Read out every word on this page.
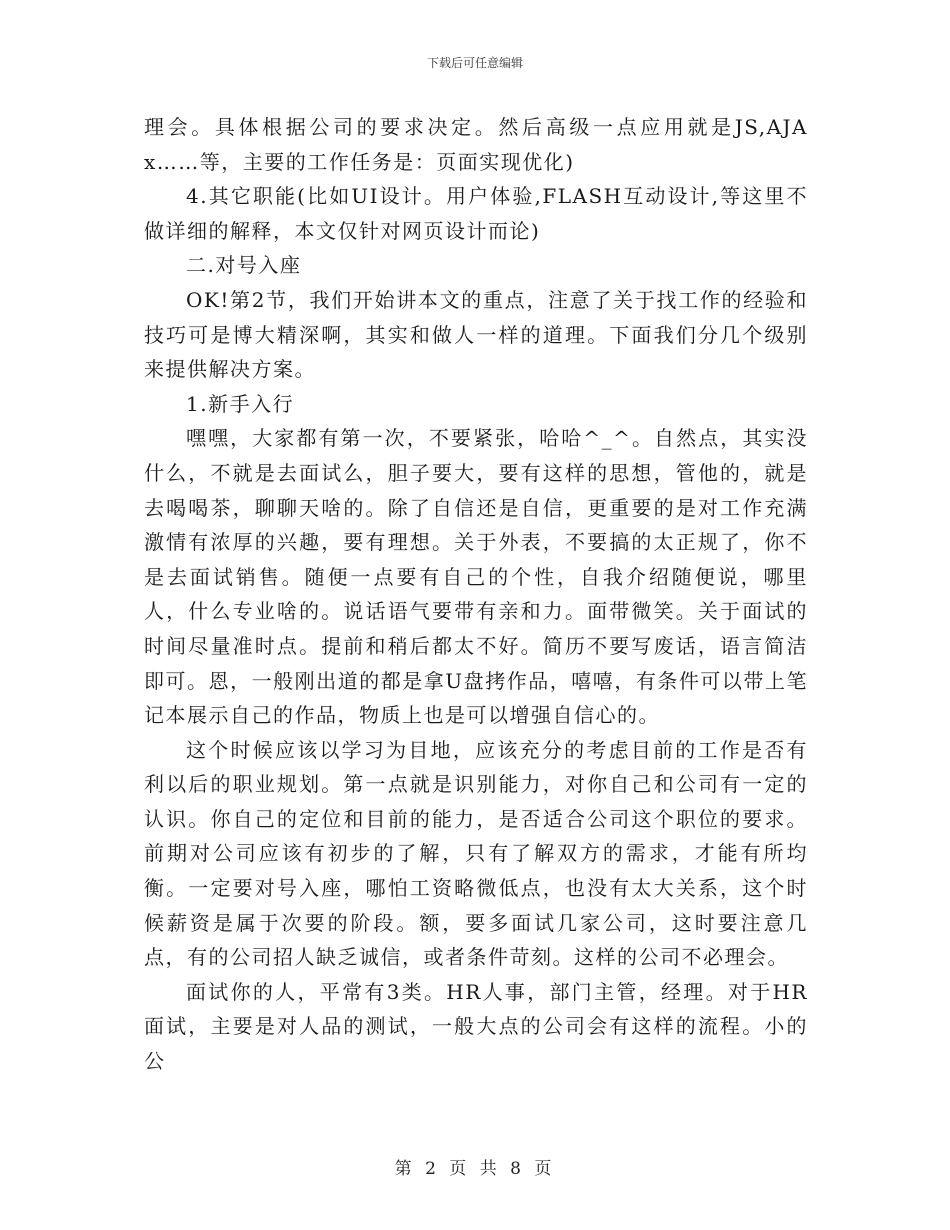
下载后可任意编辑

理会。具体根据公司的要求决定。然后高级一点应用就是JS,AJAx……等，主要的工作任务是：页面实现优化)

4.其它职能(比如UI设计。用户体验,FLASH互动设计,等这里不做详细的解释，本文仅针对网页设计而论)

二.对号入座

OK!第2节，我们开始讲本文的重点，注意了关于找工作的经验和技巧可是博大精深啊，其实和做人一样的道理。下面我们分几个级别来提供解决方案。

1.新手入行

嘿嘿，大家都有第一次，不要紧张，哈哈^_^。自然点，其实没什么，不就是去面试么，胆子要大，要有这样的思想，管他的，就是去喝喝茶，聊聊天啥的。除了自信还是自信，更重要的是对工作充满激情有浓厚的兴趣，要有理想。关于外表，不要搞的太正规了，你不是去面试销售。随便一点要有自己的个性，自我介绍随便说，哪里人，什么专业啥的。说话语气要带有亲和力。面带微笑。关于面试的时间尽量准时点。提前和稍后都太不好。简历不要写废话，语言简洁即可。恩，一般刚出道的都是拿U盘拷作品，嘻嘻，有条件可以带上笔记本展示自己的作品，物质上也是可以增强自信心的。

这个时候应该以学习为目地，应该充分的考虑目前的工作是否有利以后的职业规划。第一点就是识别能力，对你自己和公司有一定的认识。你自己的定位和目前的能力，是否适合公司这个职位的要求。前期对公司应该有初步的了解，只有了解双方的需求，才能有所均衡。一定要对号入座，哪怕工资略微低点，也没有太大关系，这个时候薪资是属于次要的阶段。额，要多面试几家公司，这时要注意几点，有的公司招人缺乏诚信，或者条件苛刻。这样的公司不必理会。

面试你的人，平常有3类。HR人事，部门主管，经理。对于HR面试，主要是对人品的测试，一般大点的公司会有这样的流程。小的公

第 2 页 共 8 页
